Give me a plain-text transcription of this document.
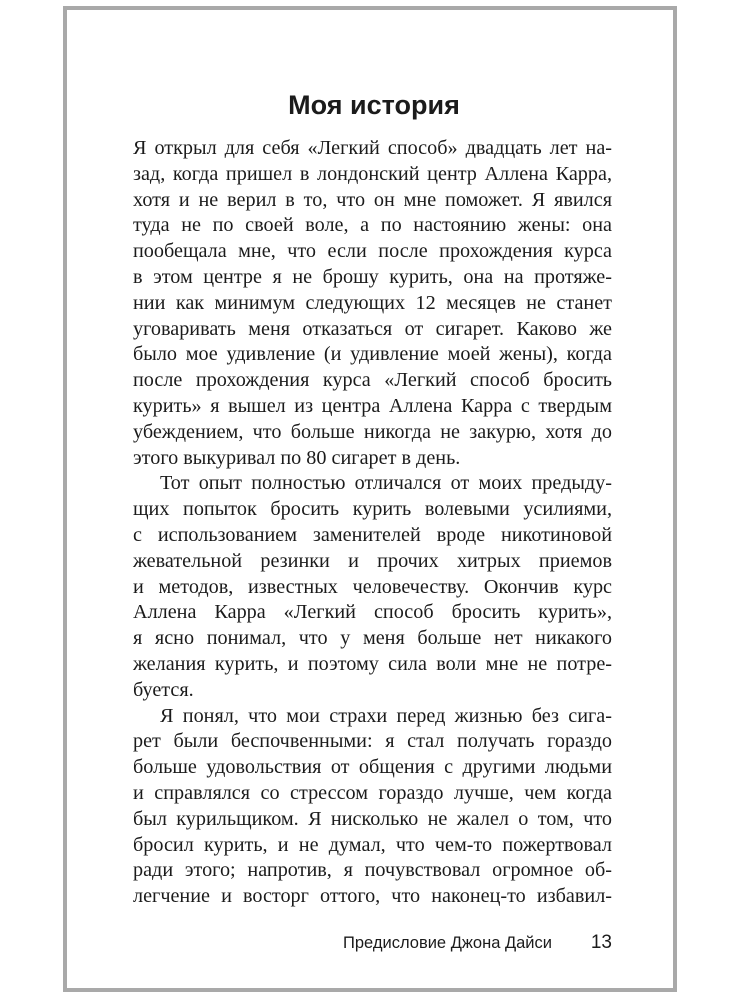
Моя история
Я открыл для себя «Легкий способ» двадцать лет на-
зад, когда пришел в лондонский центр Аллена Карра,
хотя и не верил в то, что он мне поможет. Я явился
туда не по своей воле, а по настоянию жены: она
пообещала мне, что если после прохождения курса
в этом центре я не брошу курить, она на протяже-
нии как минимум следующих 12 месяцев не станет
уговаривать меня отказаться от сигарет. Каково же
было мое удивление (и удивление моей жены), когда
после прохождения курса «Легкий способ бросить
курить» я вышел из центра Аллена Карра с твердым
убеждением, что больше никогда не закурю, хотя до
этого выкуривал по 80 сигарет в день.
Тот опыт полностью отличался от моих предыду-
щих попыток бросить курить волевыми усилиями,
с использованием заменителей вроде никотиновой
жевательной резинки и прочих хитрых приемов
и методов, известных человечеству. Окончив курс
Аллена Карра «Легкий способ бросить курить»,
я ясно понимал, что у меня больше нет никакого
желания курить, и поэтому сила воли мне не потре-
буется.
Я понял, что мои страхи перед жизнью без сига-
рет были беспочвенными: я стал получать гораздо
больше удовольствия от общения с другими людьми
и справлялся со стрессом гораздо лучше, чем когда
был курильщиком. Я нисколько не жалел о том, что
бросил курить, и не думал, что чем-то пожертвовал
ради этого; напротив, я почувствовал огромное об-
легчение и восторг оттого, что наконец-то избавил-
Предисловие Джона Дайси 13
